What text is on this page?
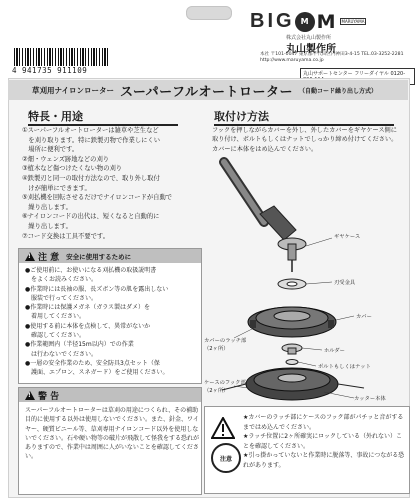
4 941735 911109
B I G	M M	MARUYAMA
株式会社丸山製作所
丸山製作所
本社 〒101-0047 東京都千代田区内神田3-4-15 TEL.03-3252-2281 http://www.maruyama.co.jp
丸山サポートセンター フリーダイヤル 0120-
草刈用ナイロンローター スーパーフルオートローター （自動コード繰り出し方式）
特長・用途

①スーパーフルオートローターは雑草や芝生など

　を刈り取ります。特に鉄製刃物で作業しにくい

　場所に便利です。

②畑・ウェンズ跡地などの刈り

③植木など傷つけたくない物の刈り

④鉄製刃と同一の取付方法なので、取り外し取付

　けが簡単にできます。

⑤刈払機を回転させるだけでナイロンコードが自動で

　繰り出します。

⑥ナイロンコードの出代は、短くなると自動的に

　繰り出します。

⑦コード交換は工具不要です。

!
注 意 安全に使用するために

●ご使用前に、お使いになる刈払機の取扱説明書

　をよくお読みください。

●作業時には長袖の服、長ズボン等の肌を露出しない

　服装で行ってください。

●作業時には保護メガネ（ガラス製はダメ）を

　着用してください。

●使用する前に本体を点検して、異常がないか

　確認してください。

●作業範囲内（半径15m以内）での作業

　は行わないでください。

●一層の安全作業のため、安全防具3点セット（保

　護面、エプロン、スネガード）をご使用ください。

!
警 告
スーパーフルオートローターは草刈の用途につくられ、その補助目的に使用する以外は使用しないでください。また、針金、ワイヤー、硬質ビニール等、草刈専用ナイロンコード以外を使用しないでください。石や硬い物等の破片が飛散して怪我をする恐れがありますので、作業中は周囲に人がいないことを確認してください。
取付け方法
フックを押しながらカバーを外し、外したカバーをギヤケース側に取り付け、ボルトもしくはナットでしっかり締め付けてください。カバーに本体をはめ込んでください。
ギヤケース
刃受金具
カバー
カバーのラッチ部
（2ヶ所）	ホルダー
ボルトもしくはナット
ケースのフック部
（2ヶ所）
カッター本体
注意

★カバーのラッチ部にケースのフック部がパチッと音がするまではめ込んでください。

★ラッチ位置に2ヶ所確実にロックしている（外れない）ことを確認してください。

★引っ掛かっていないと作業時に脱落等、事故につながる恐れがあります。
